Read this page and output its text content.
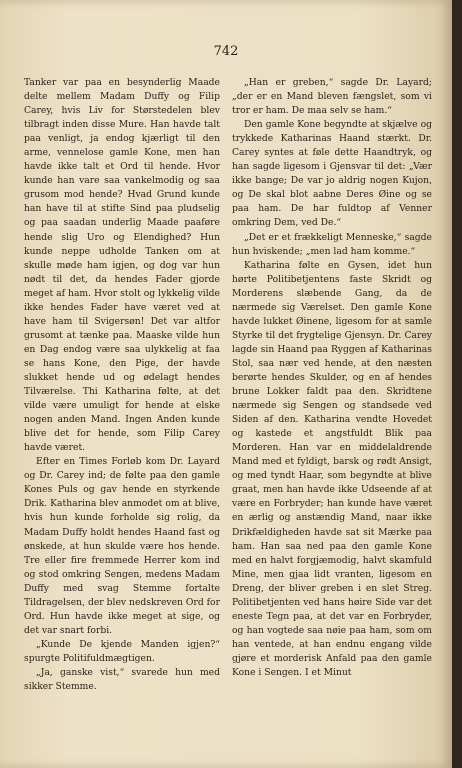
742

Tanker var paa en besynderlig Maade delte mellem Madam Duffy og Filip Carey, hvis Liv for Størstedelen blev tilbragt inden disse Mure. Han havde talt paa venligt, ja endog kjærligt til den arme, vennelose gamle Kone, men han havde ikke talt et Ord til hende. Hvor kunde han vare saa vankelmodig og saa grusom mod hende? Hvad Grund kunde han have til at stifte Sind paa pludselig og paa saadan underlig Maade paaføre hende slig Uro og Elendighed? Hun kunde neppe udholde Tanken om at skulle møde ham igjen, og dog var hun nødt til det, da hendes Fader gjorde meget af ham. Hvor stolt og lykkelig vilde ikke hendes Fader have været ved at have ham til Svigersøn! Det var altfor grusomt at tænke paa. Maaske vilde hun en Dag endog være saa ulykkelig at faa se hans Kone, den Pige, der havde slukket hende ud og ødelagt hendes Tilværelse. Thi Katharina følte, at det vilde være umuligt for hende at elske nogen anden Mand. Ingen Anden kunde blive det for hende, som Filip Carey havde været.

Efter en Times Forløb kom Dr. Layard og Dr. Carey ind; de følte paa den gamle Kones Puls og gav hende en styrkende Drik. Katharina blev anmodet om at blive, hvis hun kunde forholde sig rolig, da Madam Duffy holdt hendes Haand fast og ønskede, at hun skulde være hos hende. Tre eller fire fremmede Herrer kom ind og stod omkring Sengen, medens Madam Duffy med svag Stemme fortalte Tildragelsen, der blev nedskreven Ord for Ord. Hun havde ikke meget at sige, og det var snart forbi.

„Kunde De kjende Manden igjen?“ spurgte Politifuldmægtigen.

„Ja, ganske vist,“ svarede hun med sikker Stemme.

„Han er greben,“ sagde Dr. Layard; „der er en Mand bleven fængslet, som vi tror er ham. De maa selv se ham.“

Den gamle Kone begyndte at skjælve og trykkede Katharinas Haand stærkt. Dr. Carey syntes at føle dette Haandtryk, og han sagde ligesom i Gjensvar til det: „Vær ikke bange; De var jo aldrig nogen Kujon, og De skal blot aabne Deres Øine og se paa ham. De har fuldtop af Venner omkring Dem, ved De.“

„Det er et frækkeligt Menneske,“ sagde hun hviskende; „men lad ham komme.“

Katharina følte en Gysen, idet hun hørte Politibetjentens faste Skridt og Morderens slæbende Gang, da de nærmede sig Værelset. Den gamle Kone havde lukket Øinene, ligesom for at samle Styrke til det frygtelige Gjensyn. Dr. Carey lagde sin Haand paa Ryggen af Katharinas Stol, saa nær ved hende, at den næsten berørte hendes Skulder, og en af hendes brune Lokker faldt paa den. Skridtene nærmede sig Sengen og standsede ved Siden af den. Katharina vendte Hovedet og kastede et angstfuldt Blik paa Morderen. Han var en middelaldrende Mand med et fyldigt, barsk og rødt Ansigt, og med tyndt Haar, som begyndte at blive graat, men han havde ikke Udseende af at være en Forbryder; han kunde have været en ærlig og anstændig Mand, naar ikke Drikfældigheden havde sat sit Mærke paa ham. Han saa ned paa den gamle Kone med en halvt forgjæmodig, halvt skamfuld Mine, men gjaa lidt vranten, ligesom en Dreng, der bliver greben i en slet Streg. Politibetjenten ved hans høire Side var det eneste Tegn paa, at det var en Forbryder, og han vogtede saa nøie paa ham, som om han ventede, at han endnu engang vilde gjøre et morderisk Anfald paa den gamle Kone i Sengen. I et Minut
